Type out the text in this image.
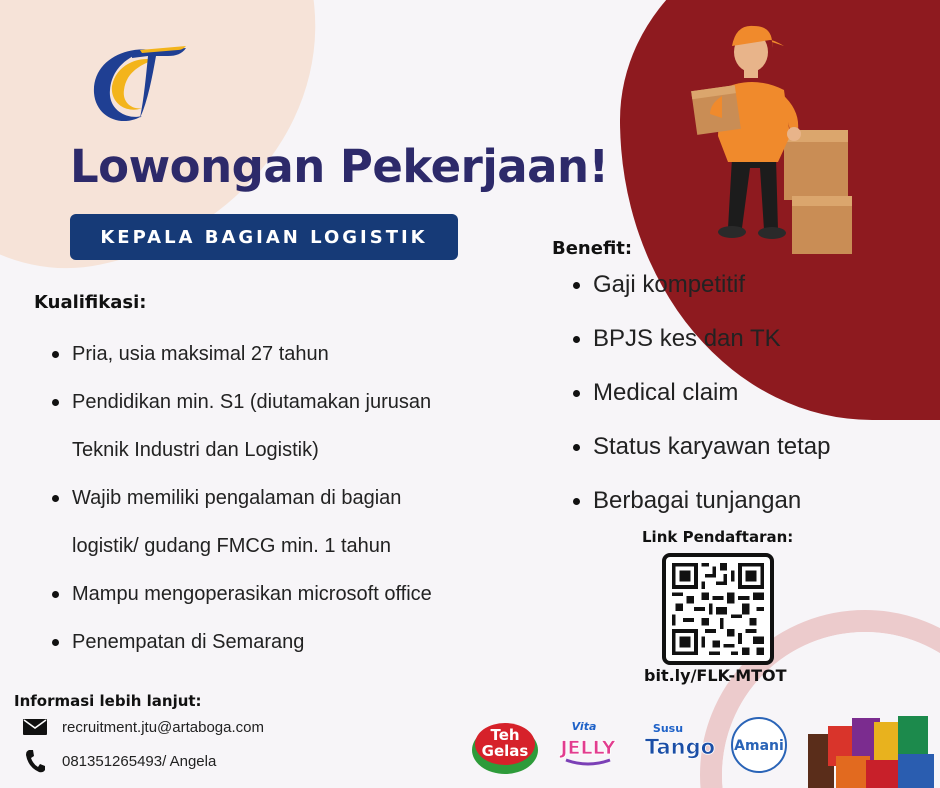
Lowongan Pekerjaan!
KEPALA BAGIAN LOGISTIK
Kualifikasi:
Pria, usia maksimal 27 tahun
Pendidikan min. S1 (diutamakan jurusan
Teknik Industri dan Logistik)
Wajib memiliki pengalaman di bagian
logistik/ gudang FMCG min. 1 tahun
Mampu mengoperasikan microsoft office
Penempatan di Semarang
Benefit:
Gaji kompetitif
BPJS kes dan TK
Medical claim
Status karyawan tetap
Berbagai tunjangan
Link Pendaftaran:
bit.ly/FLK-MTOT
Informasi lebih lanjut:
recruitment.jtu@artaboga.com
081351265493/ Angela
Teh
Gelas
Vita
JELLY
Susu
Tango Amani
